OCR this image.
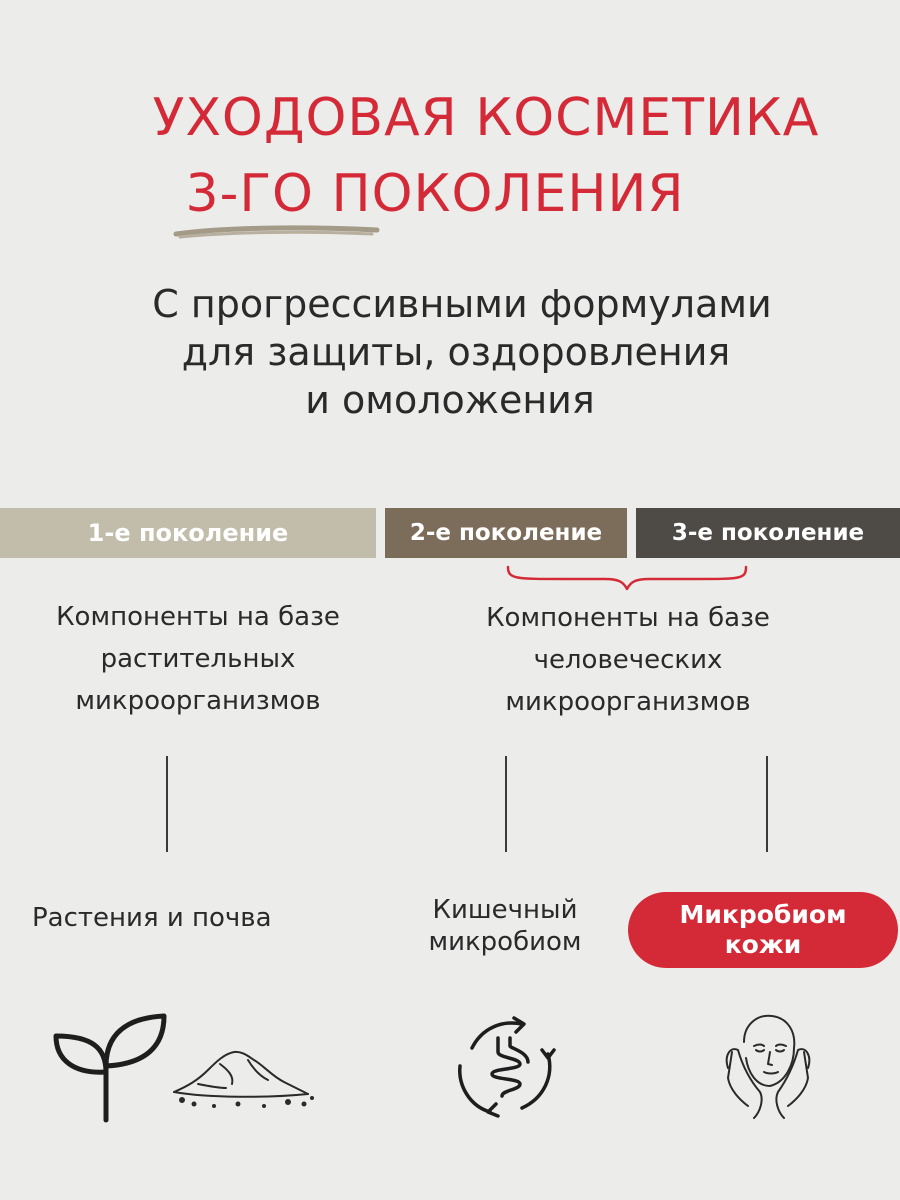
УХОДОВАЯ КОСМЕТИКА
3-ГО ПОКОЛЕНИЯ
С прогрессивными формулами
для защиты, оздоровления
и омоложения
1-е поколение	2-е поколение	3-е поколение
Компоненты на базе
растительных
микроорганизмов
Компоненты на базе
человеческих
микроорганизмов
Растения и почва	Кишечный
микробиом
Микробиом
кожи
